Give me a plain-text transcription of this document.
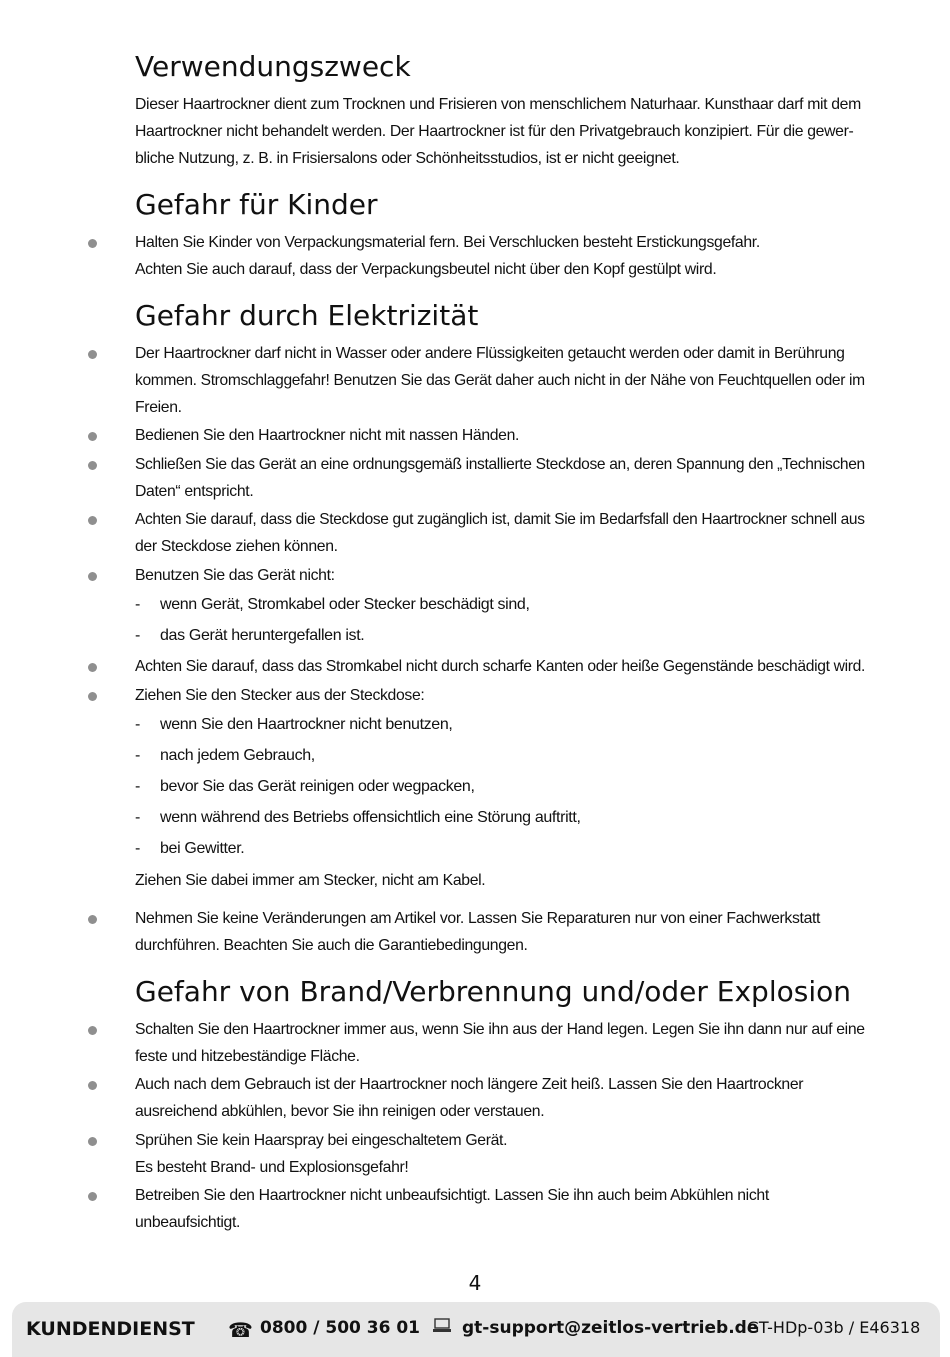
Verwendungszweck
Dieser Haartrockner dient zum Trocknen und Frisieren von menschlichem Naturhaar. Kunsthaar darf mit dem
Haartrockner nicht behandelt werden. Der Haartrockner ist für den Privatgebrauch konzipiert. Für die gewer-
bliche Nutzung, z. B. in Frisiersalons oder Schönheitsstudios, ist er nicht geeignet.
Gefahr für Kinder
Halten Sie Kinder von Verpackungsmaterial fern. Bei Verschlucken besteht Erstickungsgefahr.
Achten Sie auch darauf, dass der Verpackungsbeutel nicht über den Kopf gestülpt wird.
Gefahr durch Elektrizität
Der Haartrockner darf nicht in Wasser oder andere Flüssigkeiten getaucht werden oder damit in Berührung
kommen. Stromschlaggefahr! Benutzen Sie das Gerät daher auch nicht in der Nähe von Feuchtquellen oder im
Freien.
Bedienen Sie den Haartrockner nicht mit nassen Händen.
Schließen Sie das Gerät an eine ordnungsgemäß installierte Steckdose an, deren Spannung den „Technischen
Daten“ entspricht.
Achten Sie darauf, dass die Steckdose gut zugänglich ist, damit Sie im Bedarfsfall den Haartrockner schnell aus
der Steckdose ziehen können.
Benutzen Sie das Gerät nicht:
- wenn Gerät, Stromkabel oder Stecker beschädigt sind,
- das Gerät heruntergefallen ist.
Achten Sie darauf, dass das Stromkabel nicht durch scharfe Kanten oder heiße Gegenstände beschädigt wird.
Ziehen Sie den Stecker aus der Steckdose:
- wenn Sie den Haartrockner nicht benutzen,
- nach jedem Gebrauch,
- bevor Sie das Gerät reinigen oder wegpacken,
- wenn während des Betriebs offensichtlich eine Störung auftritt,
- bei Gewitter.
Ziehen Sie dabei immer am Stecker, nicht am Kabel.
Nehmen Sie keine Veränderungen am Artikel vor. Lassen Sie Reparaturen nur von einer Fachwerkstatt
durchführen. Beachten Sie auch die Garantiebedingungen.
Gefahr von Brand/Verbrennung und/oder Explosion
Schalten Sie den Haartrockner immer aus, wenn Sie ihn aus der Hand legen. Legen Sie ihn dann nur auf eine
feste und hitzebeständige Fläche.
Auch nach dem Gebrauch ist der Haartrockner noch längere Zeit heiß. Lassen Sie den Haartrockner
ausreichend abkühlen, bevor Sie ihn reinigen oder verstauen.
Sprühen Sie kein Haarspray bei eingeschaltetem Gerät.
Es besteht Brand- und Explosionsgefahr!
Betreiben Sie den Haartrockner nicht unbeaufsichtigt. Lassen Sie ihn auch beim Abkühlen nicht
unbeaufsichtigt.
4
KUNDENDIENST ☎ 0800 / 500 36 01 gt-support@zeitlos-vertrieb.de
GT-HDp-03b / E46318
